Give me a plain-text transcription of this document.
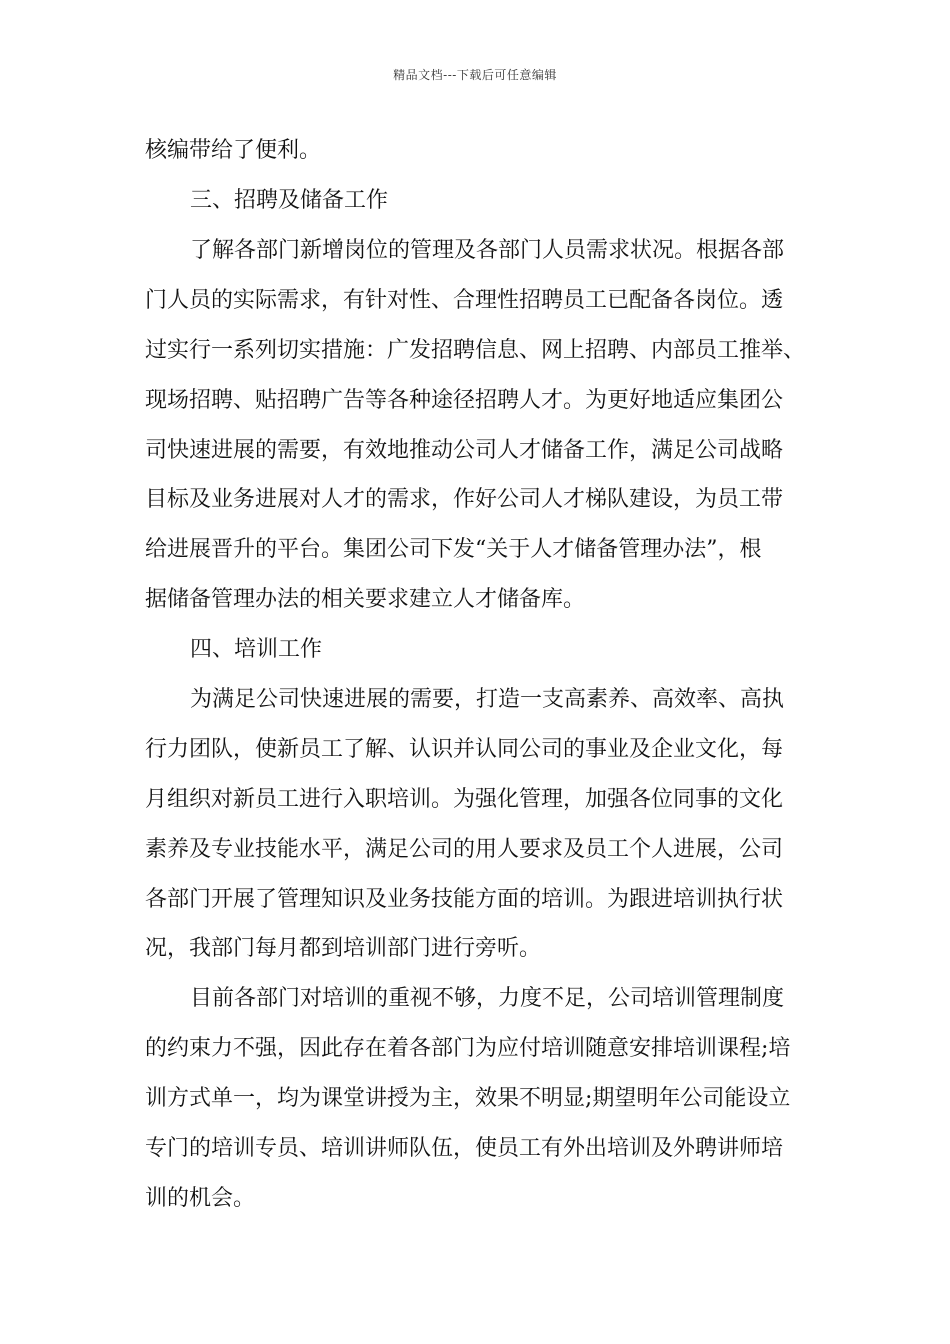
精品文档---下载后可任意编辑
核编带给了便利。
三、招聘及储备工作
了解各部门新增岗位的管理及各部门人员需求状况。根据各部
门人员的实际需求，有针对性、合理性招聘员工已配备各岗位。透
过实行一系列切实措施：广发招聘信息、网上招聘、内部员工推举、
现场招聘、贴招聘广告等各种途径招聘人才。为更好地适应集团公
司快速进展的需要，有效地推动公司人才储备工作，满足公司战略
目标及业务进展对人才的需求，作好公司人才梯队建设，为员工带
给进展晋升的平台。集团公司下发“关于人才储备管理办法”，根
据储备管理办法的相关要求建立人才储备库。
四、培训工作
为满足公司快速进展的需要，打造一支高素养、高效率、高执
行力团队，使新员工了解、认识并认同公司的事业及企业文化，每
月组织对新员工进行入职培训。为强化管理，加强各位同事的文化
素养及专业技能水平，满足公司的用人要求及员工个人进展，公司
各部门开展了管理知识及业务技能方面的培训。为跟进培训执行状
况，我部门每月都到培训部门进行旁听。
目前各部门对培训的重视不够，力度不足，公司培训管理制度
的约束力不强，因此存在着各部门为应付培训随意安排培训课程;培
训方式单一，均为课堂讲授为主，效果不明显;期望明年公司能设立
专门的培训专员、培训讲师队伍，使员工有外出培训及外聘讲师培
训的机会。
